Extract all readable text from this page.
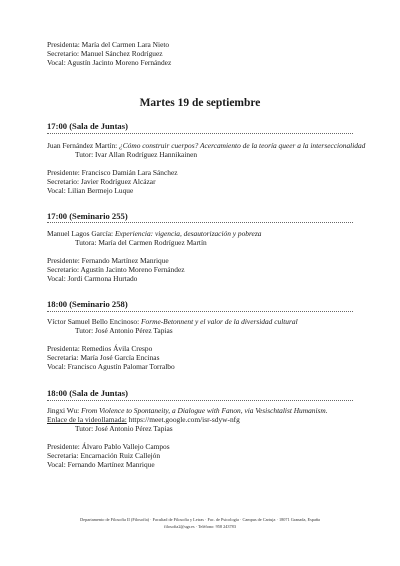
Presidenta: María del Carmen Lara Nieto
Secretario: Manuel Sánchez Rodríguez
Vocal: Agustín Jacinto Moreno Fernández
Martes 19 de septiembre
17:00 (Sala de Juntas)
Juan Fernández Martín: ¿Cómo construir cuerpos? Acercamiento de la teoría queer a la interseccionalidad
Tutor: Ivar Allan Rodríguez Hannikainen
Presidente: Francisco Damián Lara Sánchez
Secretario: Javier Rodríguez Alcázar
Vocal: Lilian Bermejo Luque
17:00 (Seminario 255)
Manuel Lagos García: Experiencia: vigencia, desautorización y pobreza
Tutora: María del Carmen Rodríguez Martín
Presidente: Fernando Martínez Manrique
Secretario: Agustín Jacinto Moreno Fernández
Vocal: Jordi Carmona Hurtado
18:00 (Seminario 258)
Víctor Samuel Bello Encinoso: Forme-Betonnent y el valor de la diversidad cultural
Tutor: José Antonio Pérez Tapias
Presidenta: Remedios Ávila Crespo
Secretaria: María José García Encinas
Vocal: Francisco Agustín Palomar Torralbo
18:00 (Sala de Juntas)
Jingxi Wu: From Violence to Spontaneity, a Dialogue with Fanon, via Vesischtalist Humanism.
Enlace de la videollamada: https://meet.google.com/isr-sdyw-nfg
Tutor: José Antonio Pérez Tapias
Presidente: Álvaro Pablo Vallejo Campos
Secretaria: Encarnación Ruiz Callejón
Vocal: Fernando Martínez Manrique
Departamento de Filosofía II (Filosofía) · Facultad de Filosofía y Letras · Fac. de Psicología · Campus de Cartuja · 18071 Granada, España
filosofia2@ugr.es · Teléfono: 958 243783
